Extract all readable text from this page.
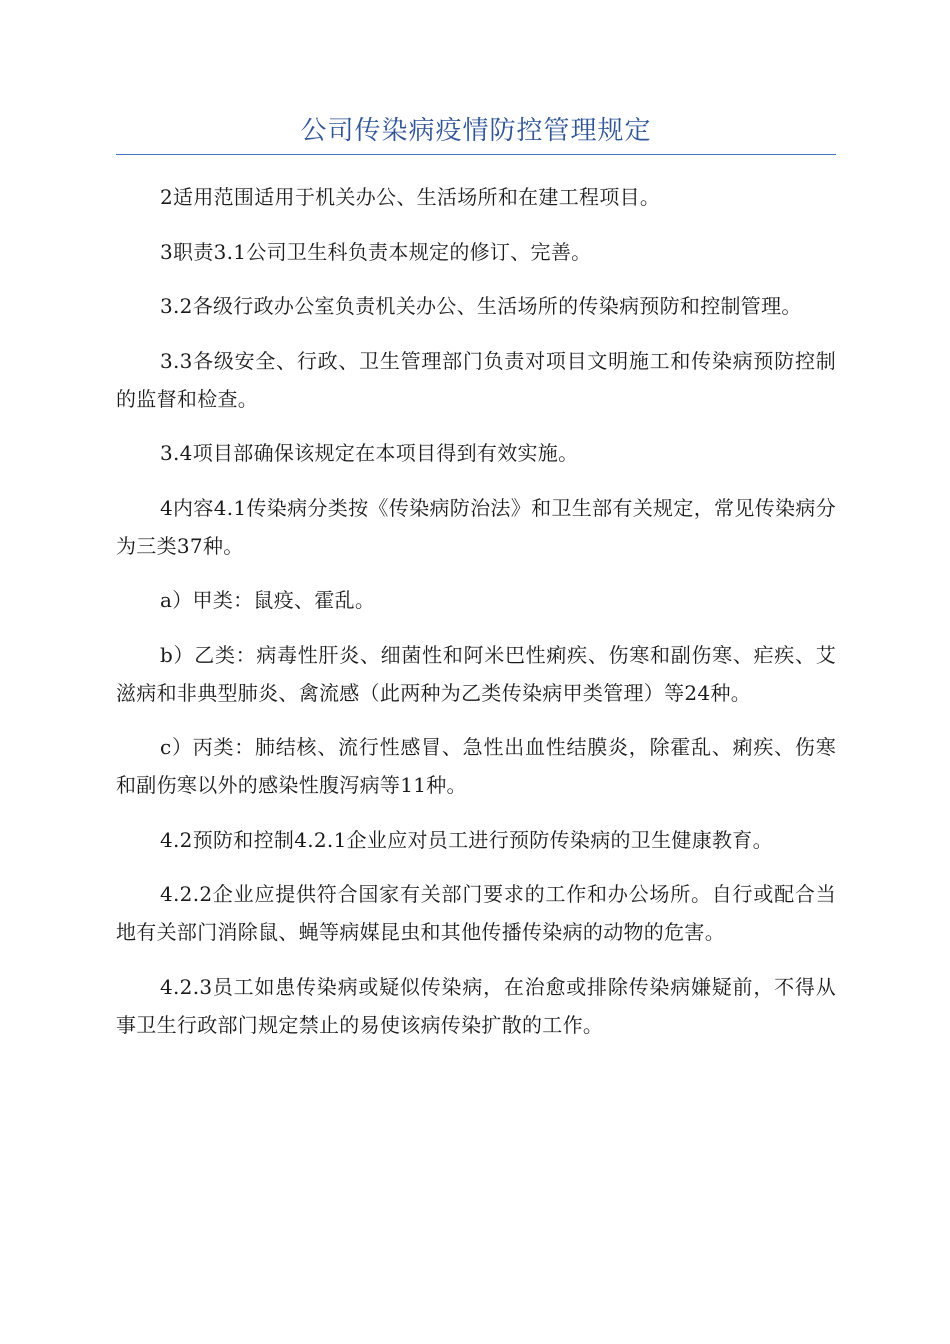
公司传染病疫情防控管理规定

2适用范围适用于机关办公、生活场所和在建工程项目。

3职责3.1公司卫生科负责本规定的修订、完善。

3.2各级行政办公室负责机关办公、生活场所的传染病预防和控制管理。

3.3各级安全、行政、卫生管理部门负责对项目文明施工和传染病预防控制的监督和检查。

3.4项目部确保该规定在本项目得到有效实施。

4内容4.1传染病分类按《传染病防治法》和卫生部有关规定，常见传染病分为三类37种。

a）甲类：鼠疫、霍乱。

b）乙类：病毒性肝炎、细菌性和阿米巴性痢疾、伤寒和副伤寒、疟疾、艾滋病和非典型肺炎、禽流感（此两种为乙类传染病甲类管理）等24种。

c）丙类：肺结核、流行性感冒、急性出血性结膜炎，除霍乱、痢疾、伤寒和副伤寒以外的感染性腹泻病等11种。

4.2预防和控制4.2.1企业应对员工进行预防传染病的卫生健康教育。

4.2.2企业应提供符合国家有关部门要求的工作和办公场所。自行或配合当地有关部门消除鼠、蝇等病媒昆虫和其他传播传染病的动物的危害。

4.2.3员工如患传染病或疑似传染病，在治愈或排除传染病嫌疑前，不得从事卫生行政部门规定禁止的易使该病传染扩散的工作。
